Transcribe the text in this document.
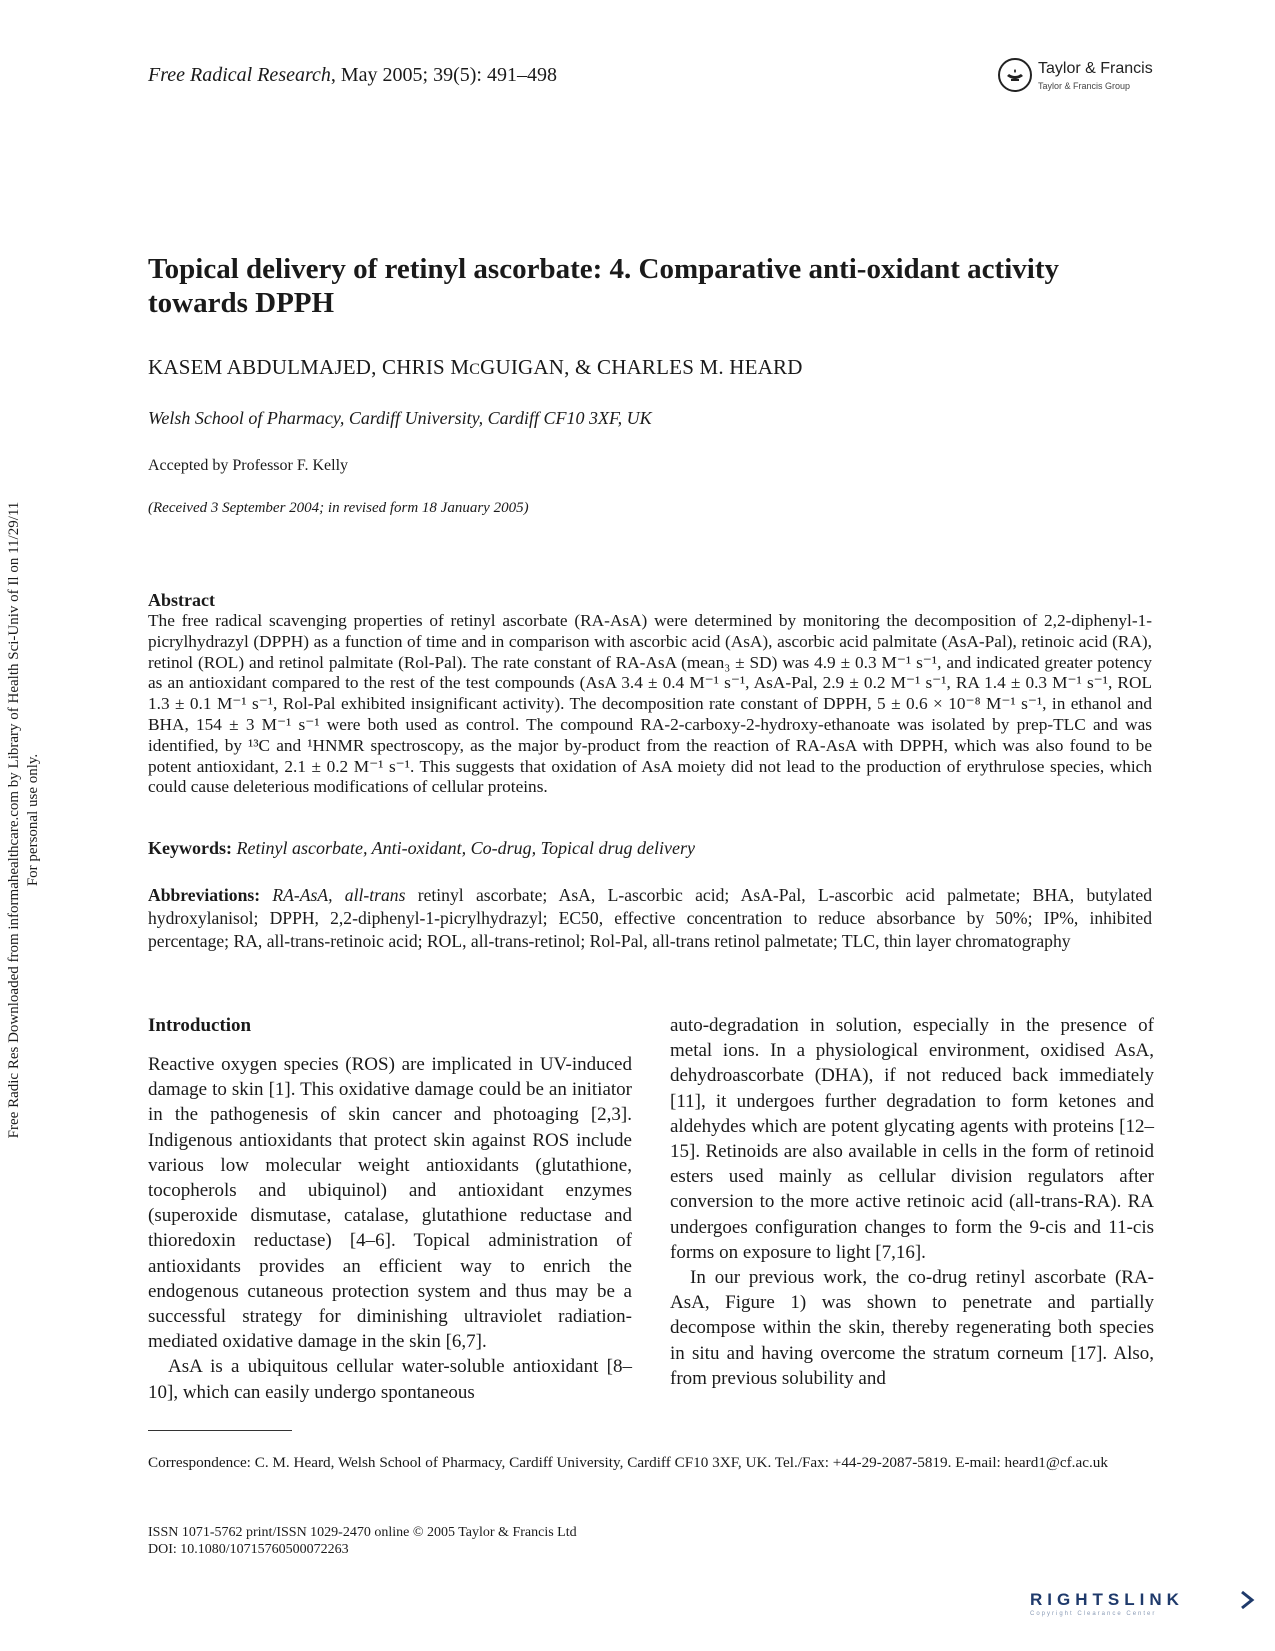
Free Radic Res Downloaded from informahealthcare.com by Library of Health Sci-Univ of Il on 11/29/11 For personal use only.
Free Radical Research, May 2005; 39(5): 491–498	Taylor & Francis
Taylor & Francis Group
Topical delivery of retinyl ascorbate: 4. Comparative anti-oxidant activity towards DPPH
KASEM ABDULMAJED, CHRIS MCGUIGAN, & CHARLES M. HEARD
Welsh School of Pharmacy, Cardiff University, Cardiff CF10 3XF, UK
Accepted by Professor F. Kelly
(Received 3 September 2004; in revised form 18 January 2005)

Abstract

The free radical scavenging properties of retinyl ascorbate (RA-AsA) were determined by monitoring the decomposition of 2,2-diphenyl-1-picrylhydrazyl (DPPH) as a function of time and in comparison with ascorbic acid (AsA), ascorbic acid palmitate (AsA-Pal), retinoic acid (RA), retinol (ROL) and retinol palmitate (Rol-Pal). The rate constant of RA-AsA (mean₃ ± SD) was 4.9 ± 0.3 M⁻¹ s⁻¹, and indicated greater potency as an antioxidant compared to the rest of the test compounds (AsA 3.4 ± 0.4 M⁻¹ s⁻¹, AsA-Pal, 2.9 ± 0.2 M⁻¹ s⁻¹, RA 1.4 ± 0.3 M⁻¹ s⁻¹, ROL 1.3 ± 0.1 M⁻¹ s⁻¹, Rol-Pal exhibited insignificant activity). The decomposition rate constant of DPPH, 5 ± 0.6 × 10⁻⁸ M⁻¹ s⁻¹, in ethanol and BHA, 154 ± 3 M⁻¹ s⁻¹ were both used as control. The compound RA-2-carboxy-2-hydroxy-ethanoate was isolated by prep-TLC and was identified, by ¹³C and ¹HNMR spectroscopy, as the major by-product from the reaction of RA-AsA with DPPH, which was also found to be potent antioxidant, 2.1 ± 0.2 M⁻¹ s⁻¹. This suggests that oxidation of AsA moiety did not lead to the production of erythrulose species, which could cause deleterious modifications of cellular proteins.

Keywords: Retinyl ascorbate, Anti-oxidant, Co-drug, Topical drug delivery

Abbreviations: RA-AsA, all-trans retinyl ascorbate; AsA, L-ascorbic acid; AsA-Pal, L-ascorbic acid palmetate; BHA, butylated hydroxylanisol; DPPH, 2,2-diphenyl-1-picrylhydrazyl; EC50, effective concentration to reduce absorbance by 50%; IP%, inhibited percentage; RA, all-trans-retinoic acid; ROL, all-trans-retinol; Rol-Pal, all-trans retinol palmetate; TLC, thin layer chromatography

Introduction

Reactive oxygen species (ROS) are implicated in UV-induced damage to skin [1]. This oxidative damage could be an initiator in the pathogenesis of skin cancer and photoaging [2,3]. Indigenous antioxidants that protect skin against ROS include various low molecular weight antioxidants (glutathione, tocopherols and ubiquinol) and antioxidant enzymes (superoxide dismutase, catalase, glutathione reductase and thioredoxin reductase) [4–6]. Topical administration of antioxidants provides an efficient way to enrich the endogenous cutaneous protection system and thus may be a successful strategy for diminishing ultraviolet radiation-mediated oxidative damage in the skin [6,7].

AsA is a ubiquitous cellular water-soluble antioxidant [8–10], which can easily undergo spontaneous

auto-degradation in solution, especially in the presence of metal ions. In a physiological environment, oxidised AsA, dehydroascorbate (DHA), if not reduced back immediately [11], it undergoes further degradation to form ketones and aldehydes which are potent glycating agents with proteins [12–15]. Retinoids are also available in cells in the form of retinoid esters used mainly as cellular division regulators after conversion to the more active retinoic acid (all-trans-RA). RA undergoes configuration changes to form the 9-cis and 11-cis forms on exposure to light [7,16].

In our previous work, the co-drug retinyl ascorbate (RA-AsA, Figure 1) was shown to penetrate and partially decompose within the skin, thereby regenerating both species in situ and having overcome the stratum corneum [17]. Also, from previous solubility and

Correspondence: C. M. Heard, Welsh School of Pharmacy, Cardiff University, Cardiff CF10 3XF, UK. Tel./Fax: +44-29-2087-5819. E-mail: heard1@cf.ac.uk

ISSN 1071-5762 print/ISSN 1029-2470 online © 2005 Taylor & Francis Ltd
DOI: 10.1080/10715760500072263
RIGHTSLINK
Copyright Clearance Center
